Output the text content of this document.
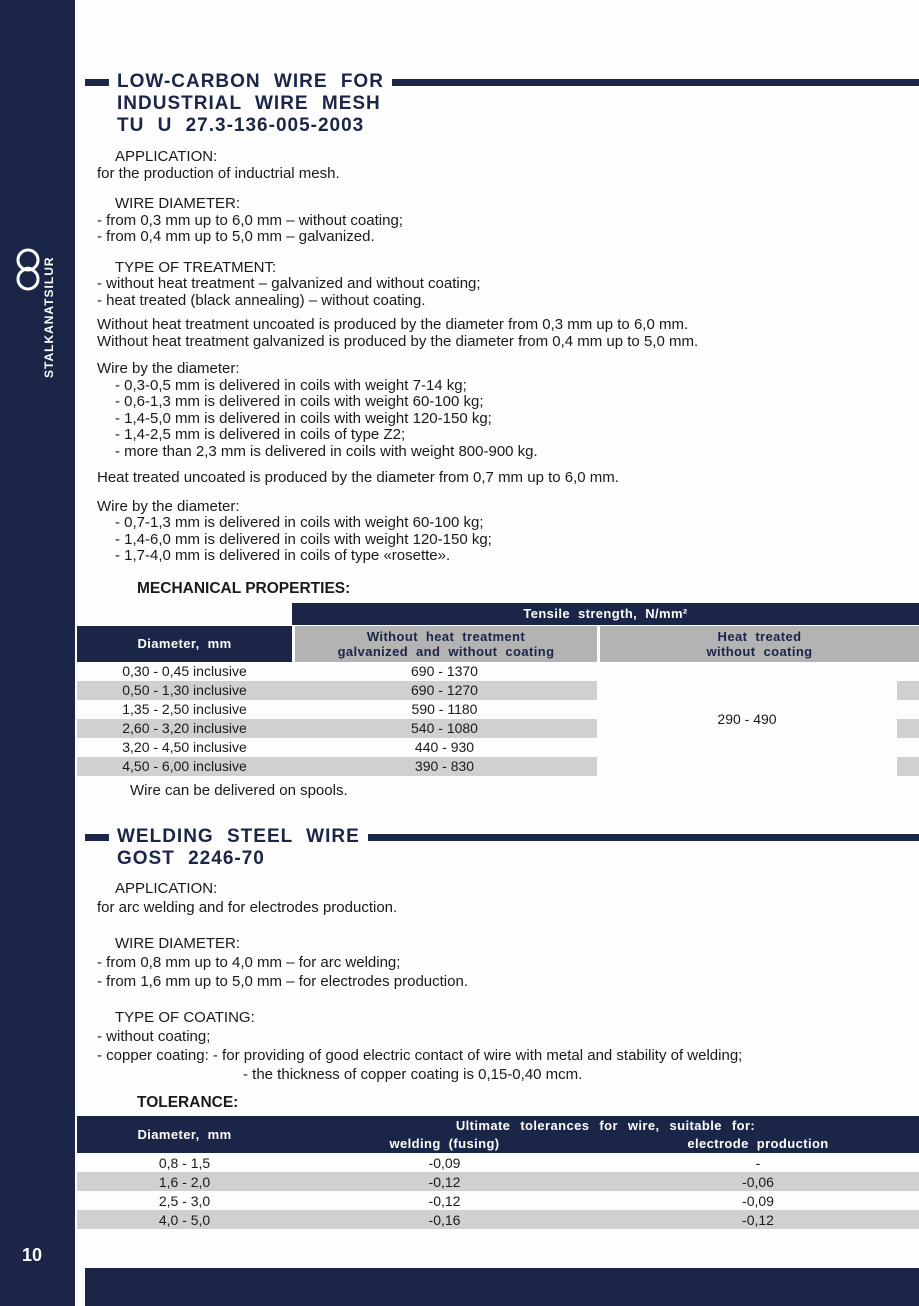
STALKANATSILUR
10
LOW-CARBON WIRE FOR
INDUSTRIAL WIRE MESH
TU U 27.3-136-005-2003
APPLICATION:
for the production of inductrial mesh.
WIRE DIAMETER:
- from 0,3 mm up to 6,0 mm – without coating;
- from 0,4 mm up to 5,0 mm – galvanized.
TYPE OF TREATMENT:
- without heat treatment – galvanized and without coating;
- heat treated (black annealing) – without coating.
Without heat treatment uncoated is produced by the diameter from 0,3 mm up to 6,0 mm.
Without heat treatment galvanized is produced by the diameter from 0,4 mm up to 5,0 mm.
Wire by the diameter:
- 0,3-0,5 mm is delivered in coils with weight 7-14 kg;
- 0,6-1,3 mm is delivered in coils with weight 60-100 kg;
- 1,4-5,0 mm is delivered in coils with weight 120-150 kg;
- 1,4-2,5 mm is delivered in coils of type Z2;
- more than 2,3 mm is delivered in coils with weight 800-900 kg.
Heat treated uncoated is produced by the diameter from 0,7 mm up to 6,0 mm.
Wire by the diameter:
- 0,7-1,3 mm is delivered in coils with weight 60-100 kg;
- 1,4-6,0 mm is delivered in coils with weight 120-150 kg;
- 1,7-4,0 mm is delivered in coils of type «rosette».
MECHANICAL PROPERTIES:
Tensile strength, N/mm²
Diameter, mm	Without heat treatment
galvanized and without coating
Heat treated
without coating
0,30 - 0,45 inclusive	690 - 1370
0,50 - 1,30 inclusive	690 - 1270
1,35 - 2,50 inclusive	590 - 1180
2,60 - 3,20 inclusive	540 - 1080
3,20 - 4,50 inclusive	440 - 930
4,50 - 6,00 inclusive	390 - 830
290 - 490
Wire can be delivered on spools.
WELDING STEEL WIRE
GOST 2246-70
APPLICATION:
for arc welding and for electrodes production.
WIRE DIAMETER:
- from 0,8 mm up to 4,0 mm – for arc welding;
- from 1,6 mm up to 5,0 mm – for electrodes production.
TYPE OF COATING:
- without coating;
- copper coating: - for providing of good electric contact of wire with metal and stability of welding;
- the thickness of copper coating is 0,15-0,40 mcm.
TOLERANCE:
Diameter, mm
Ultimate tolerances for wire, suitable for:
welding (fusing)	electrode production
0,8 - 1,5	-0,09	-
1,6 - 2,0	-0,12	-0,06
2,5 - 3,0	-0,12	-0,09
4,0 - 5,0	-0,16	-0,12
